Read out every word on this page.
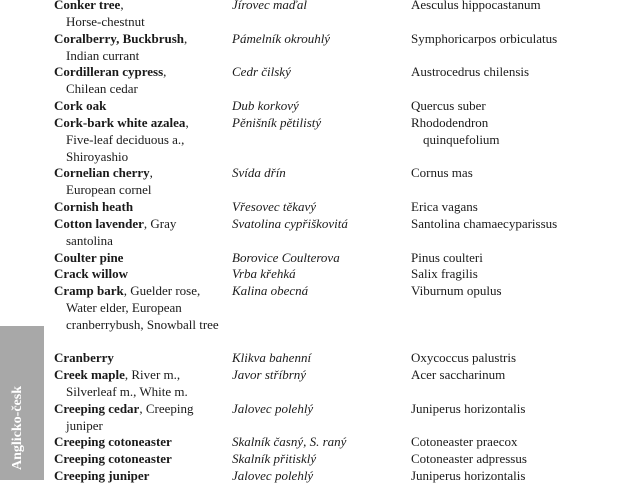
Anglicko-česk
Conker tree,
Horse-chestnut
Jírovec maďal	Aesculus hippocastanum
Coralberry, Buckbrush,
Indian currant
Pámelník okrouhlý	Symphoricarpos orbiculatus
Cordilleran cypress,
Chilean cedar
Cedr čilský	Austrocedrus chilensis
Cork oak	Dub korkový	Quercus suber
Cork-bark white azalea,
Five-leaf deciduous a., Shiroyashio
Pěnišník pětilistý	Rhododendron
quinquefolium
Cornelian cherry,
European cornel
Svída dřín	Cornus mas
Cornish heath	Vřesovec těkavý	Erica vagans
Cotton lavender, Gray
santolina
Svatolina cypřiškovitá	Santolina chamaecyparissus
Coulter pine	Borovice Coulterova	Pinus coulteri
Crack willow	Vrba křehká	Salix fragilis
Cramp bark, Guelder rose,
Water elder, European cranberrybush, Snowball tree
Kalina obecná	Viburnum opulus
Cranberry	Klikva bahenní	Oxycoccus palustris
Creek maple, River m.,
Silverleaf m., White m.
Javor stříbrný	Acer saccharinum
Creeping cedar, Creeping
juniper
Jalovec polehlý	Juniperus horizontalis
Creeping cotoneaster	Skalník časný, S. raný	Cotoneaster praecox
Creeping cotoneaster	Skalník přitisklý	Cotoneaster adpressus
Creeping juniper	Jalovec polehlý	Juniperus horizontalis
